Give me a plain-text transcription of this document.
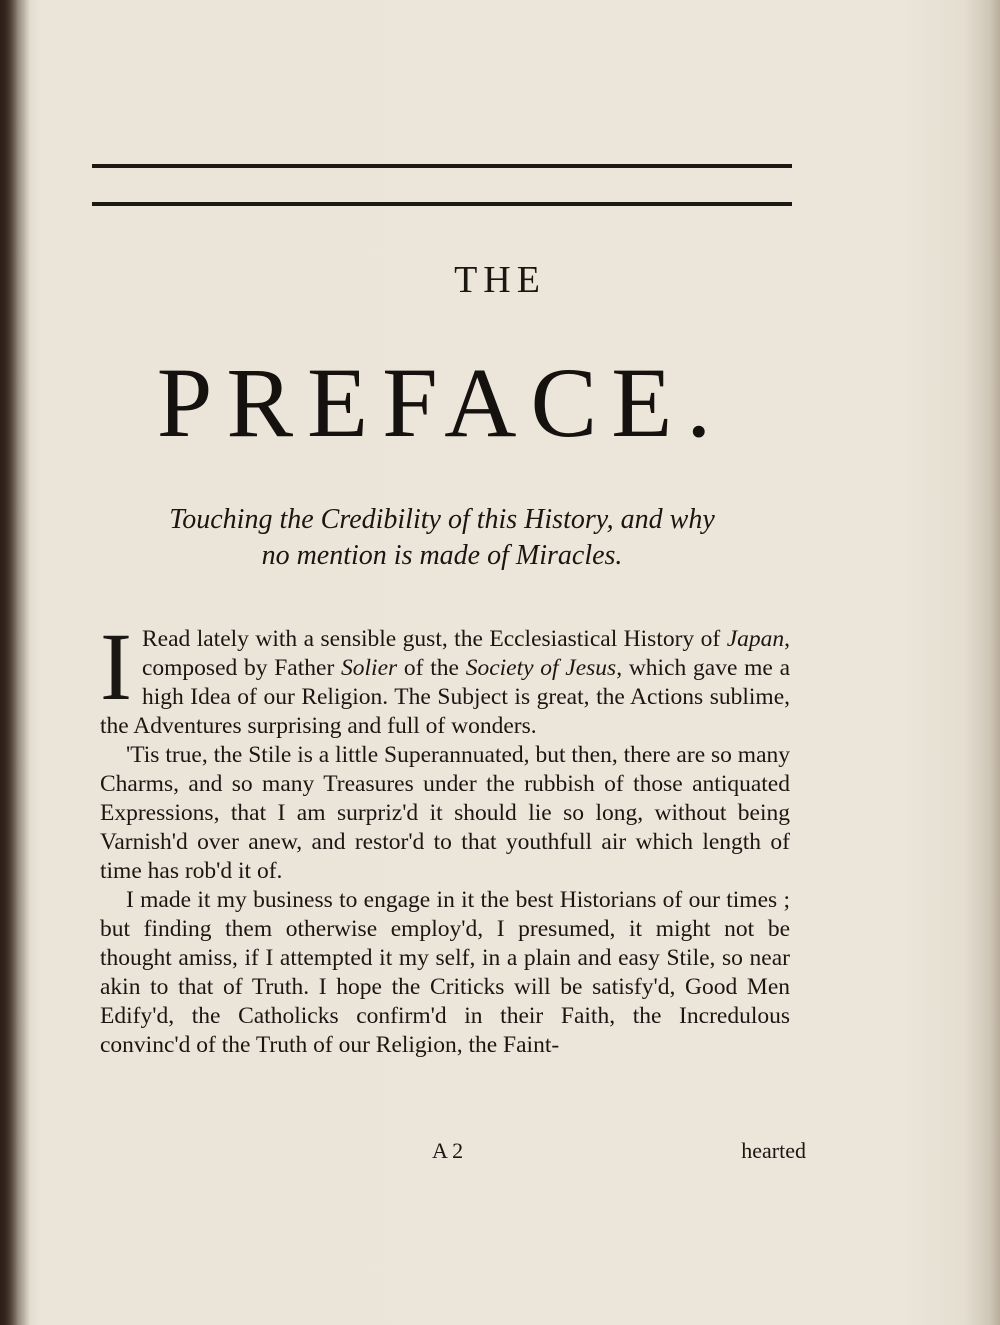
THE
PREFACE.
Touching the Credibility of this History, and why
no mention is made of Miracles.

I Read lately with a sensible gust, the Ecclesiastical History of Japan, composed by Father Solier of the Society of Jesus, which gave me a high Idea of our Religion. The Subject is great, the Actions sublime, the Adventures surprising and full of wonders.

'Tis true, the Stile is a little Superannuated, but then, there are so many Charms, and so many Treasures under the rubbish of those antiquated Expressions, that I am surpriz'd it should lie so long, without being Varnish'd over anew, and restor'd to that youthfull air which length of time has rob'd it of.

I made it my business to engage in it the best Historians of our times ; but finding them otherwise employ'd, I presumed, it might not be thought amiss, if I attempted it my self, in a plain and easy Stile, so near akin to that of Truth. I hope the Criticks will be satisfy'd, Good Men Edify'd, the Catholicks confirm'd in their Faith, the Incredulous convinc'd of the Truth of our Religion, the Faint-

A 2	hearted
